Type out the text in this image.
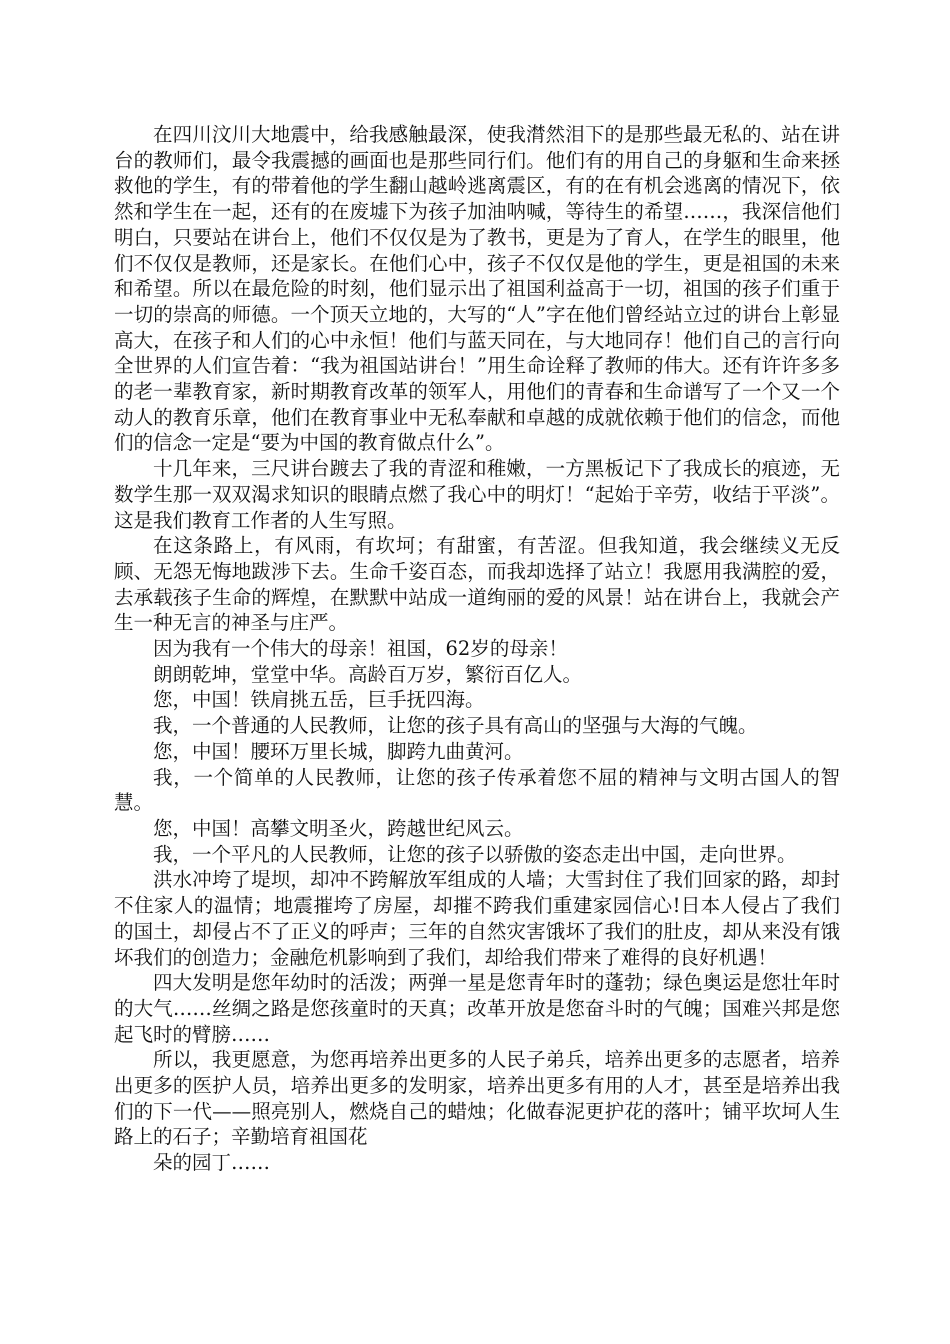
在四川汶川大地震中，给我感触最深，使我潸然泪下的是那些最无私的、站在讲台的教师们，最令我震撼的画面也是那些同行们。他们有的用自己的身躯和生命来拯救他的学生，有的带着他的学生翻山越岭逃离震区，有的在有机会逃离的情况下，依然和学生在一起，还有的在废墟下为孩子加油呐喊，等待生的希望……，我深信他们明白，只要站在讲台上，他们不仅仅是为了教书，更是为了育人，在学生的眼里，他们不仅仅是教师，还是家长。在他们心中，孩子不仅仅是他的学生，更是祖国的未来和希望。所以在最危险的时刻，他们显示出了祖国利益高于一切，祖国的孩子们重于一切的崇高的师德。一个顶天立地的，大写的“人”字在他们曾经站立过的讲台上彰显高大，在孩子和人们的心中永恒！他们与蓝天同在，与大地同存！他们自己的言行向全世界的人们宣告着：“我为祖国站讲台！”用生命诠释了教师的伟大。还有许许多多的老一辈教育家，新时期教育改革的领军人，用他们的青春和生命谱写了一个又一个动人的教育乐章，他们在教育事业中无私奉献和卓越的成就依赖于他们的信念，而他们的信念一定是“要为中国的教育做点什么”。

十几年来，三尺讲台踱去了我的青涩和稚嫩，一方黑板记下了我成长的痕迹，无数学生那一双双渴求知识的眼睛点燃了我心中的明灯！“起始于辛劳，收结于平淡”。这是我们教育工作者的人生写照。

在这条路上，有风雨，有坎坷；有甜蜜，有苦涩。但我知道，我会继续义无反顾、无怨无悔地跋涉下去。生命千姿百态，而我却选择了站立！我愿用我满腔的爱，去承载孩子生命的辉煌，在默默中站成一道绚丽的爱的风景！站在讲台上，我就会产生一种无言的神圣与庄严。

因为我有一个伟大的母亲！祖国，62岁的母亲！

朗朗乾坤，堂堂中华。高龄百万岁，繁衍百亿人。

您，中国！铁肩挑五岳，巨手抚四海。

我，一个普通的人民教师，让您的孩子具有高山的坚强与大海的气魄。

您，中国！腰环万里长城，脚跨九曲黄河。

我，一个简单的人民教师，让您的孩子传承着您不屈的精神与文明古国人的智慧。

您，中国！高攀文明圣火，跨越世纪风云。

我，一个平凡的人民教师，让您的孩子以骄傲的姿态走出中国，走向世界。

洪水冲垮了堤坝，却冲不跨解放军组成的人墙；大雪封住了我们回家的路，却封不住家人的温情；地震摧垮了房屋，却摧不跨我们重建家园信心!日本人侵占了我们的国土，却侵占不了正义的呼声；三年的自然灾害饿坏了我们的肚皮，却从来没有饿坏我们的创造力；金融危机影响到了我们，却给我们带来了难得的良好机遇！

四大发明是您年幼时的活泼；两弹一星是您青年时的蓬勃；绿色奥运是您壮年时的大气……丝绸之路是您孩童时的天真；改革开放是您奋斗时的气魄；国难兴邦是您起飞时的臂膀……

所以，我更愿意，为您再培养出更多的人民子弟兵，培养出更多的志愿者，培养出更多的医护人员，培养出更多的发明家，培养出更多有用的人才，甚至是培养出我们的下一代——照亮别人，燃烧自己的蜡烛；化做春泥更护花的落叶；铺平坎坷人生路上的石子；辛勤培育祖国花

朵的园丁……
